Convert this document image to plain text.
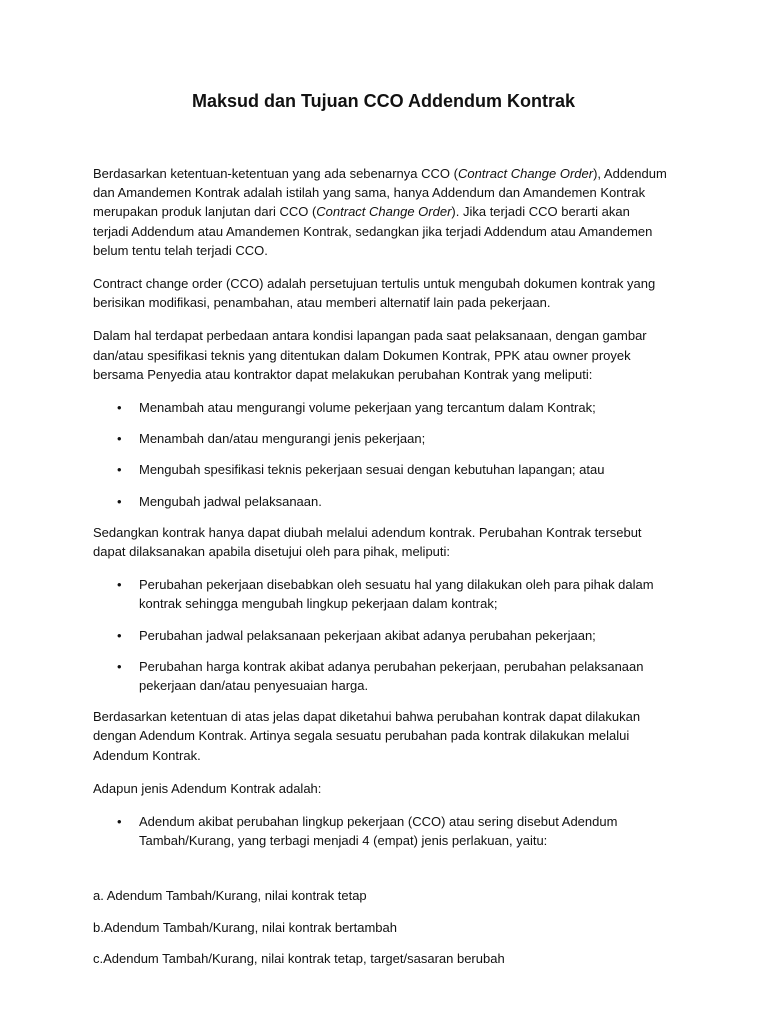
Maksud dan Tujuan CCO Addendum Kontrak

Berdasarkan ketentuan-ketentuan yang ada sebenarnya CCO (Contract Change Order), Addendum dan Amandemen Kontrak adalah istilah yang sama, hanya Addendum dan Amandemen Kontrak merupakan produk lanjutan dari CCO (Contract Change Order). Jika terjadi CCO berarti akan terjadi Addendum atau Amandemen Kontrak, sedangkan jika terjadi Addendum atau Amandemen belum tentu telah terjadi CCO.

Contract change order (CCO) adalah persetujuan tertulis untuk mengubah dokumen kontrak yang berisikan modifikasi, penambahan, atau memberi alternatif lain pada pekerjaan.

Dalam hal terdapat perbedaan antara kondisi lapangan pada saat pelaksanaan, dengan gambar dan/atau spesifikasi teknis yang ditentukan dalam Dokumen Kontrak, PPK atau owner proyek bersama Penyedia atau kontraktor dapat melakukan perubahan Kontrak yang meliputi:

• Menambah atau mengurangi volume pekerjaan yang tercantum dalam Kontrak;
• Menambah dan/atau mengurangi jenis pekerjaan;
• Mengubah spesifikasi teknis pekerjaan sesuai dengan kebutuhan lapangan; atau
• Mengubah jadwal pelaksanaan.

Sedangkan kontrak hanya dapat diubah melalui adendum kontrak. Perubahan Kontrak tersebut dapat dilaksanakan apabila disetujui oleh para pihak, meliputi:

• Perubahan pekerjaan disebabkan oleh sesuatu hal yang dilakukan oleh para pihak dalam kontrak sehingga mengubah lingkup pekerjaan dalam kontrak;
• Perubahan jadwal pelaksanaan pekerjaan akibat adanya perubahan pekerjaan;
• Perubahan harga kontrak akibat adanya perubahan pekerjaan, perubahan pelaksanaan pekerjaan dan/atau penyesuaian harga.

Berdasarkan ketentuan di atas jelas dapat diketahui bahwa perubahan kontrak dapat dilakukan dengan Adendum Kontrak. Artinya segala sesuatu perubahan pada kontrak dilakukan melalui Adendum Kontrak.

Adapun jenis Adendum Kontrak adalah:

• Adendum akibat perubahan lingkup pekerjaan (CCO) atau sering disebut Adendum Tambah/Kurang, yang terbagi menjadi 4 (empat) jenis perlakuan, yaitu:

a. Adendum Tambah/Kurang, nilai kontrak tetap

b.Adendum Tambah/Kurang, nilai kontrak bertambah

c.Adendum Tambah/Kurang, nilai kontrak tetap, target/sasaran berubah
